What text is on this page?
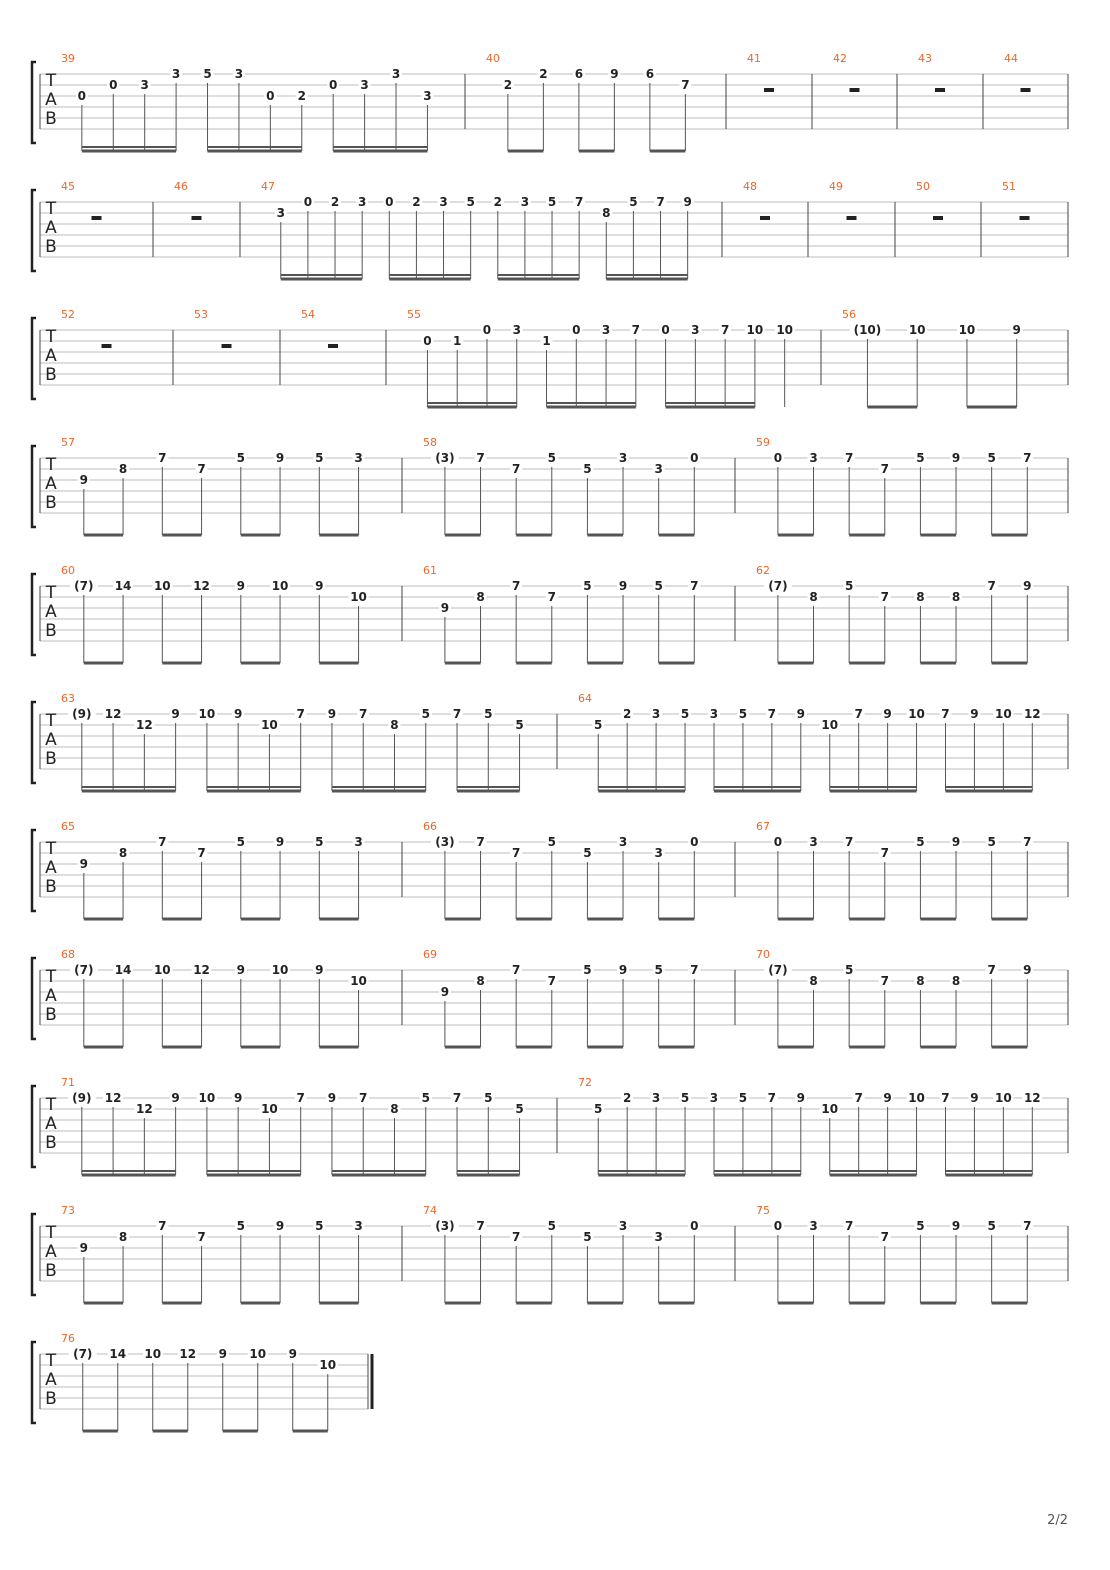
T
A
B
39
0
0 3
3 5 3
0 2
0 3
3
3
40
2
2 6 9 6
7
41	42	43	44
T
A
B
45	46	47
3
0 2 3 0 2 3 5 2 3 5 7
8
5 7 9
48	49	50	51
T
A
B
52	53	54	55
0 1
0 3
1
0 3 7 0 3 7 10 10
56
(10) 10	10	9
T
A
B
57
9
8
7
7
5	9	5	3
58
(3) 7
7
5
5
3
3
0
59
0 3 7
7
5 9 5 7
T
A
B
60
(7) 14 10 12 9 10 9
10
61
9
8
7
7
5 9 5 7
62
(7)
8
5
7 8 8
7 9
T
A
B
63
(9) 12
12
9 10 9
10
7 9 7
8
5 7 5
5
64
5
2 3 5 3 5 7 9
10
7 9 10 7 9 10 12
T
A
B
65
9
8
7
7
5	9	5	3
66
(3) 7
7
5
5
3
3
0
67
0 3 7
7
5 9 5 7
T
A
B
68
(7) 14 10 12 9 10 9
10
69
9
8
7
7
5 9 5 7
70
(7)
8
5
7 8 8
7 9
T
A
B
71
(9) 12
12
9 10 9
10
7 9 7
8
5 7 5
5
72
5
2 3 5 3 5 7 9
10
7 9 10 7 9 10 12
T
A
B
73
9
8
7
7
5	9	5	3
74
(3) 7
7
5
5
3
3
0
75
0 3 7
7
5 9 5 7
T
A
B
76
(7) 14 10 12 9 10 9
10
2/2
